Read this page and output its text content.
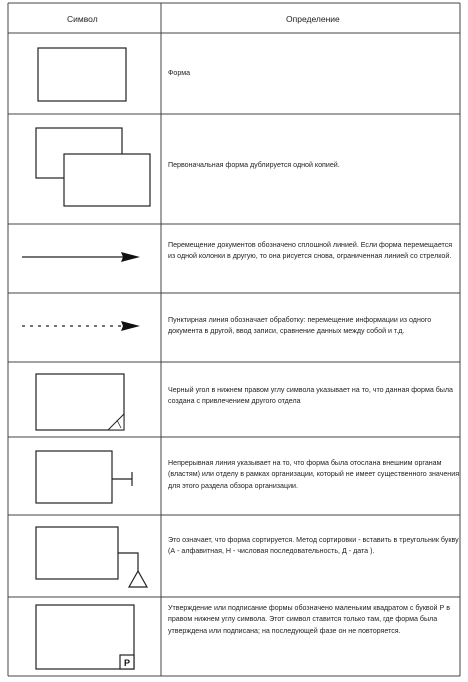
Символ	Определение
Форма
Первоначальная форма дублируется одной копией.
Перемещение документов обозначено сплошной линией. Если форма перемещается из одной колонки в другую, то она рисуется снова, ограниченная линией со стрелкой.
Пунктирная линия обозначает обработку: перемещение информации из одного документа в другой, ввод записи, сравнение данных между собой и т.д.
Черный угол в нижнем правом углу символа указывает на то, что данная форма была создана с привлечением другого отдела
Непрерывная линия указывает на то, что форма была отослана внешним органам (властям) или отделу в рамках организации, который не имеет существенного значения для этого раздела обзора организации.
Это означает, что форма сортируется. Метод сортировки - вставить в треугольник букву (А - алфавитная, Н - числовая последовательность, Д - дата ).
P
Утверждение или подписание формы обозначено маленьким квадратом с буквой Р в правом нижнем углу символа. Этот символ ставится только там, где форма была утверждена или подписана; на последующей фазе он не повторяется.
